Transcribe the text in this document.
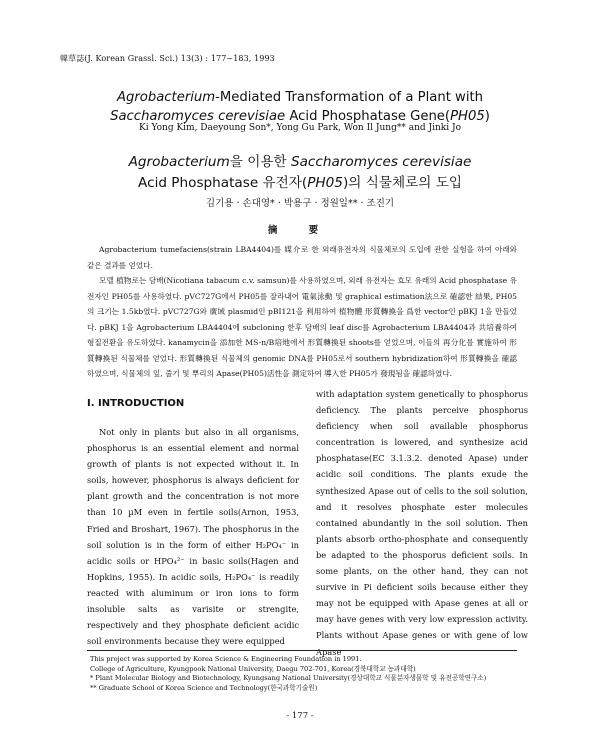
韓草誌(J. Korean Grassl. Sci.) 13(3) : 177∼183, 1993
Agrobacterium-Mediated Transformation of a Plant with
Saccharomyces cerevisiae Acid Phosphatase Gene(PH05)
Ki Yong Kim, Daeyoung Son*, Yong Gu Park, Won Il Jung** and Jinki Jo
Agrobacterium을 이용한 Saccharomyces cerevisiae
Acid Phosphatase 유전자(PH05)의 식물체로의 도입
김기용 · 손대영* · 박용구 · 정원일** · 조진기
摘 要

Agrobacterium tumefaciens(strain LBA4404)를 媒介로 한 외래유전자의 식물체로의 도입에 관한 실험을 하여 아래와 같은 결과를 얻었다.

모델 植物로는 담배(Nicotiana tabacum c.v. samsun)를 사용하였으며, 외래 유전자는 효모 유래의 Acid phosphatase 유전자인 PH05를 사용하였다. pVC727G에서 PH05를 잘라내어 電氣泳動 및 graphical estimation法으로 確認한 結果, PH05의 크기는 1.5kb였다. pVC727G와 廣域 plasmid인 pBI121을 利用하여 植物體 形質轉換을 爲한 vector인 pBKJ 1을 만들었다. pBKJ 1을 Agrobacterium LBA4404에 subcloning 한후 담배의 leaf disc를 Agrobacterium LBA4404과 共培養하여 형질전환을 유도하였다. kanamycin을 添加한 MS-n/B培地에서 形質轉換된 shoots를 얻었으며, 이들의 再分化를 實施하여 形質轉換된 식물체를 얻었다. 形質轉換된 식물체의 genomic DNA를 PH05로서 southern hybridization하여 形質轉換을 確認하였으며, 식물체의 잎, 줄기 및 뿌리의 Apase(PH05)活性을 測定하여 導入한 PH05가 發現됨을 確認하였다.

Ⅰ. INTRODUCTION

Not only in plants but also in all organisms, phosphorus is an essential element and normal growth of plants is not expected without it. In soils, however, phosphorus is always deficient for plant growth and the concentration is not more than 10 µM even in fertile soils(Arnon, 1953, Fried and Broshart, 1967). The phosphorus in the soil solution is in the form of either H₂PO₄⁻ in acidic soils or HPO₄²⁻ in basic soils(Hagen and Hopkins, 1955). In acidic soils, H₂PO₄⁻ is readily reacted with aluminum or iron ions to form insoluble salts as varisite or strengite, respectively and they phosphate deficient acidic soil environments because they were equipped

with adaptation system genetically to phosphorus deficiency. The plants perceive phosphorus deficiency when soil available phosphorus concentration is lowered, and synthesize acid phosphatase(EC 3.1.3.2. denoted Apase) under acidic soil conditions. The plants exude the synthesized Apase out of cells to the soil solution, and it resolves phosphate ester molecules contained abundantly in the soil solution. Then plants absorb ortho-phosphate and consequently be adapted to the phosporus deficient soils. In some plants, on the other hand, they can not survive in Pi deficient soils because either they may not be equipped with Apase genes at all or may have genes with very low expression activity. Plants without Apase genes or with gene of low Apase

This project was supported by Korea Science & Engineering Foundation in 1991.
College of Agriculture, Kyungpook National University, Daegu 702-701, Korea(경북대학교 농과대학)
* Plant Molecular Biology and Biotechnology, Kyungsang National University(경상대학교 식물분자생물학 및 유전공학연구소)
** Graduate School of Korea Science and Technology(한국과학기술원)
- 177 -
